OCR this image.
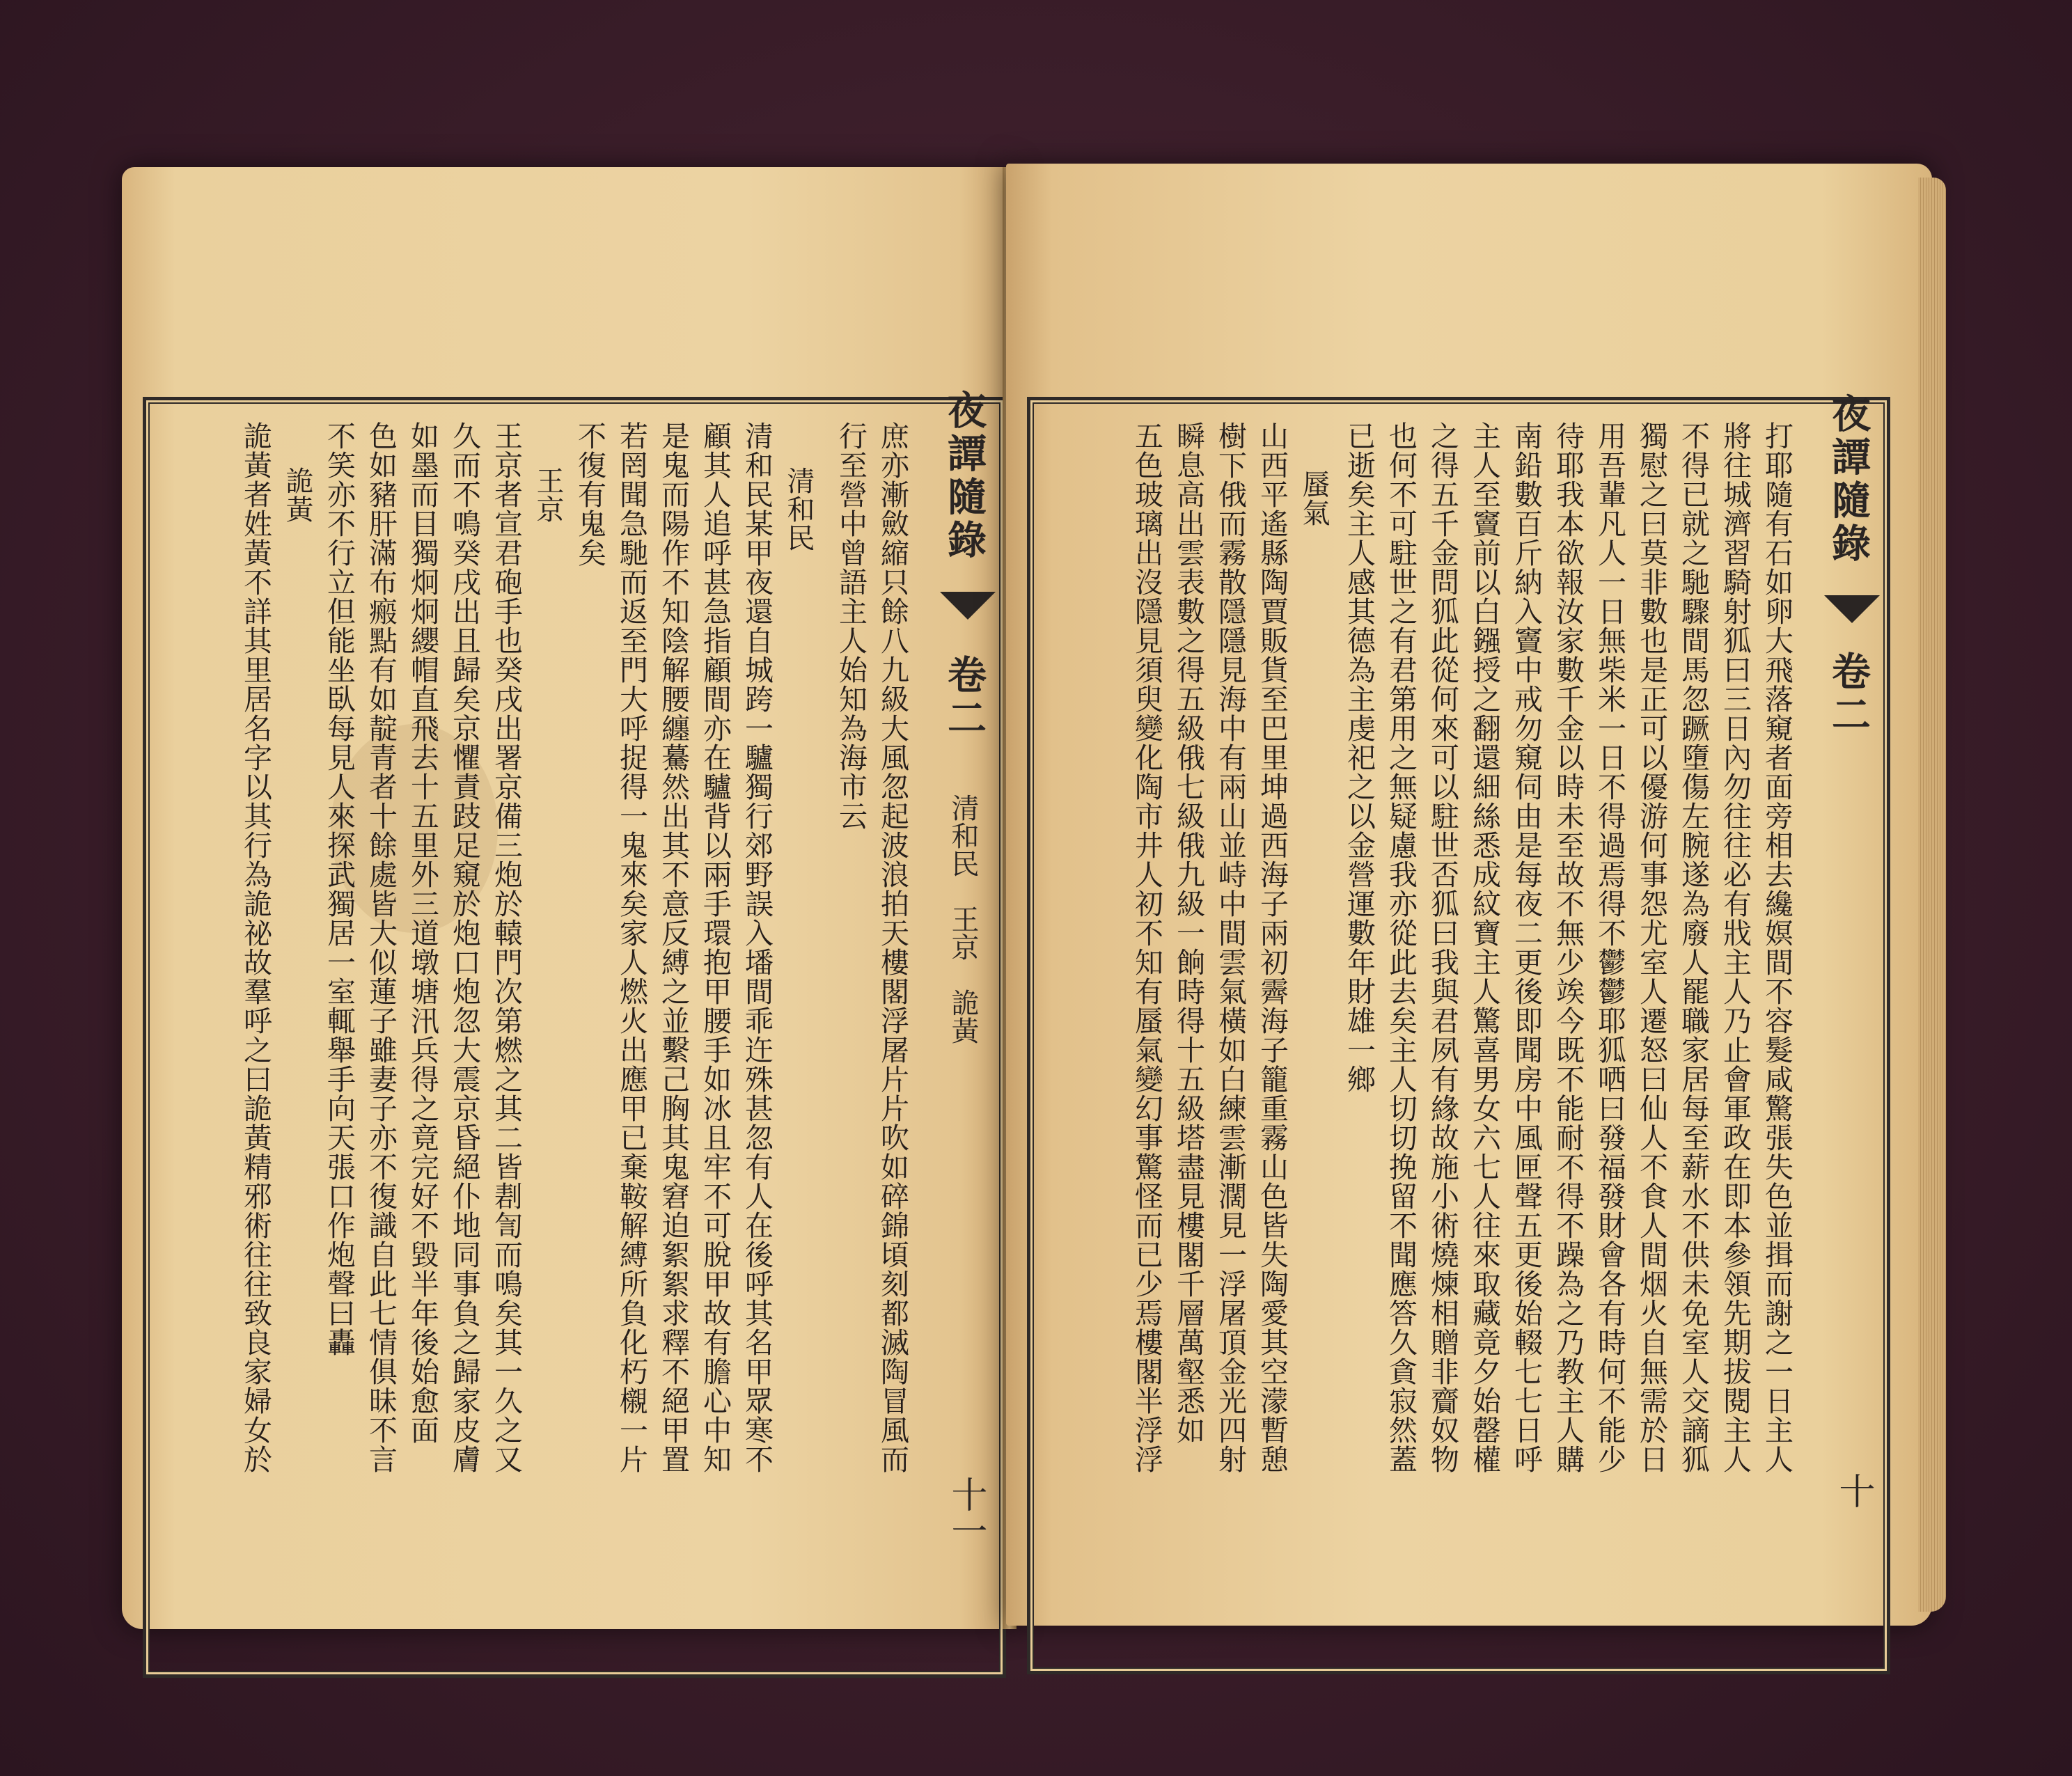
夜譚隨錄
卷二
清和民　王京　詭黃
十一
庶亦漸斂縮只餘八九級大風忽起波浪拍天樓閣浮屠片片吹如碎錦頃刻都滅陶冒風而
行至營中曾語主人始知為海市云
清和民
清和民某甲夜還自城跨一驢獨行郊野誤入墦間乖迕殊甚忽有人在後呼其名甲眾寒不
顧其人追呼甚急指顧間亦在驢背以兩手環抱甲腰手如冰且牢不可脫甲故有膽心中知
是鬼而陽作不知陰解腰纏驀然出其不意反縛之並繫己胸其鬼窘迫絮絮求釋不絕甲置
若罔聞急馳而返至門大呼捉得一鬼來矣家人燃火出應甲已棄鞍解縛所負化朽櫬一片
不復有鬼矣
王京
王京者宣君砲手也癸戌出署京備三炮於轅門次第燃之其二皆剨訇而鳴矣其一久之又
久而不鳴癸戌出且歸矣京懼責跂足窺於炮口炮忽大震京昏絕仆地同事負之歸家皮膚
如墨而目獨炯炯纓帽直飛去十五里外三道墩塘汛兵得之竟完好不毀半年後始愈面
色如豬肝滿布瘢點有如靛青者十餘處皆大似蓮子雖妻子亦不復識自此七情俱昧不言
不笑亦不行立但能坐臥每見人來探武獨居一室輒舉手向天張口作炮聲曰轟
詭黃
詭黃者姓黃不詳其里居名字以其行為詭祕故羣呼之曰詭黃精邪術往往致良家婦女於	夜譚隨錄
卷二
十
打耶隨有石如卵大飛落窺者面旁相去纔嫇間不容髮咸驚張失色並揖而謝之一日主人
將往城濟習騎射狐曰三日內勿往往必有戕主人乃止會軍政在即本參領先期拔閱主人
不得已就之馳驟間馬忽蹶墮傷左腕遂為廢人罷職家居每至薪水不供未免室人交謫狐
獨慰之曰莫非數也是正可以優游何事怨尤室人遷怒曰仙人不食人間烟火自無需於日
用吾輩凡人一日無柴米一日不得過焉得不鬱鬱耶狐哂曰發福發財會各有時何不能少
待耶我本欲報汝家數千金以時未至故不無少竢今既不能耐不得不躁為之乃教主人購
南鉛數百斤納入竇中戒勿窺伺由是每夜二更後即聞房中風匣聲五更後始輟七七日呼
主人至竇前以白鏹授之翻還細絲悉成紋寶主人驚喜男女六七人往來取藏竟夕始罄權
之得五千金問狐此從何來可以駐世否狐曰我與君夙有緣故施小術燒煉相贈非齎奴物
也何不可駐世之有君第用之無疑慮我亦從此去矣主人切切挽留不聞應答久貪寂然蓋
已逝矣主人感其德為主虔祀之以金營運數年財雄一鄉
蜃氣
山西平遙縣陶賈販貨至巴里坤過西海子兩初霽海子籠重霧山色皆失陶愛其空濛暫憩
樹下俄而霧散隱隱見海中有兩山並峙中間雲氣橫如白練雲漸濶見一浮屠頂金光四射
瞬息高出雲表數之得五級俄七級俄九級一餉時得十五級塔盡見樓閣千層萬壑悉如
五色玻璃出沒隱見須臾變化陶市井人初不知有蜃氣變幻事驚怪而已少焉樓閣半浮浮
